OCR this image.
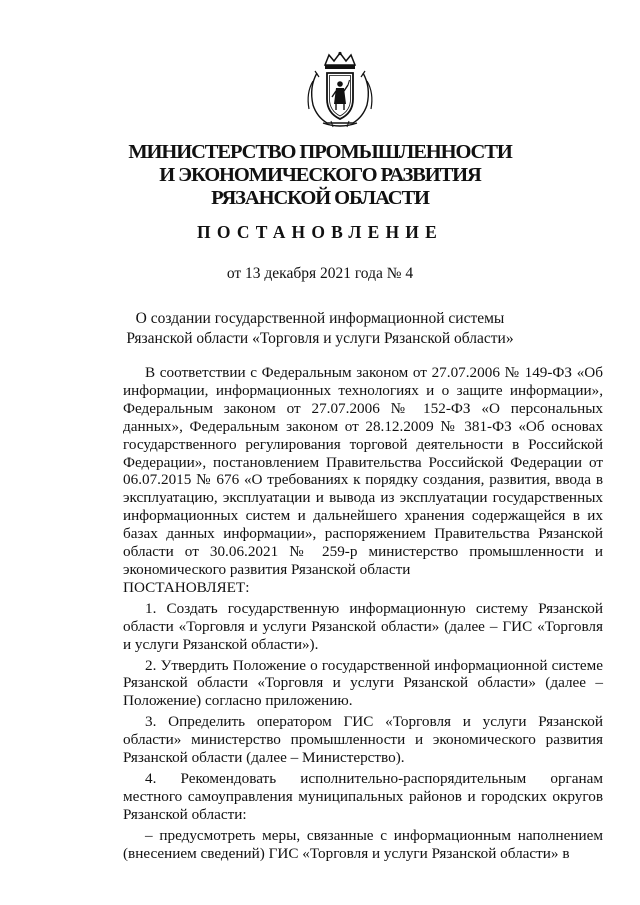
МИНИСТЕРСТВО ПРОМЫШЛЕННОСТИ
И ЭКОНОМИЧЕСКОГО РАЗВИТИЯ
РЯЗАНСКОЙ ОБЛАСТИ
ПОСТАНОВЛЕНИЕ
от 13 декабря 2021 года № 4
О создании государственной информационной системы
Рязанской области «Торговля и услуги Рязанской области»

В соответствии с Федеральным законом от 27.07.2006 № 149-ФЗ «Об информации, информационных технологиях и о защите информации», Федеральным законом от 27.07.2006 № 152-ФЗ «О персональных данных», Федеральным законом от 28.12.2009 № 381-ФЗ «Об основах государственного регулирования торговой деятельности в Российской Федерации», постановлением Правительства Российской Федерации от 06.07.2015 № 676 «О требованиях к порядку создания, развития, ввода в эксплуатацию, эксплуатации и вывода из эксплуатации государственных информационных систем и дальнейшего хранения содержащейся в их базах данных информации», распоряжением Правительства Рязанской области от 30.06.2021 № 259-р министерство промышленности и экономического развития Рязанской области

ПОСТАНОВЛЯЕТ:

1. Создать государственную информационную систему Рязанской области «Торговля и услуги Рязанской области» (далее – ГИС «Торговля и услуги Рязанской области»).

2. Утвердить Положение о государственной информационной системе Рязанской области «Торговля и услуги Рязанской области» (далее – Положение) согласно приложению.

3. Определить оператором ГИС «Торговля и услуги Рязанской области» министерство промышленности и экономического развития Рязанской области (далее – Министерство).

4. Рекомендовать исполнительно-распорядительным органам местного самоуправления муниципальных районов и городских округов Рязанской области:

– предусмотреть меры, связанные с информационным наполнением (внесением сведений) ГИС «Торговля и услуги Рязанской области» в
